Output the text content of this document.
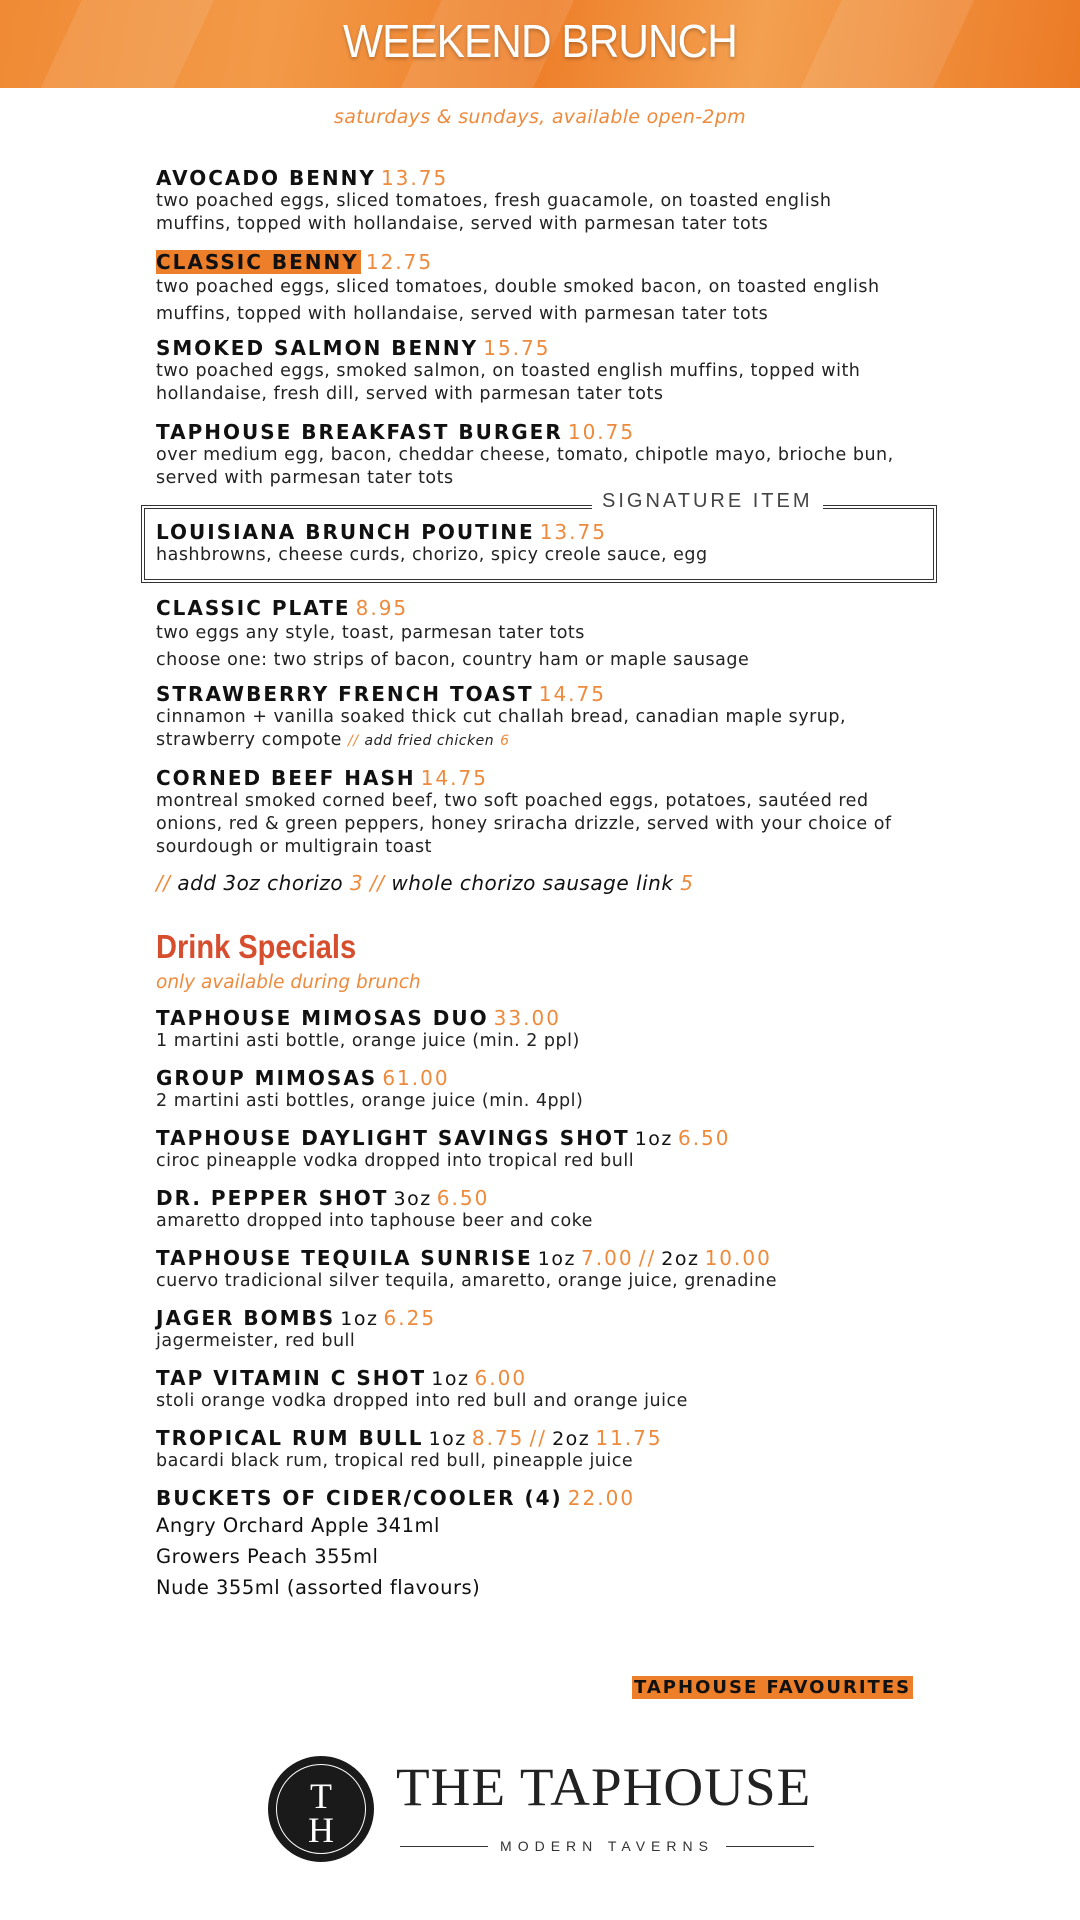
WEEKEND BRUNCH
saturdays & sundays, available open-2pm
AVOCADO BENNY 13.75
two poached eggs, sliced tomatoes, fresh guacamole, on toasted english
muffins, topped with hollandaise, served with parmesan tater tots
CLASSIC BENNY 12.75
two poached eggs, sliced tomatoes, double smoked bacon, on toasted english
muffins, topped with hollandaise, served with parmesan tater tots
SMOKED SALMON BENNY 15.75
two poached eggs, smoked salmon, on toasted english muffins, topped with
hollandaise, fresh dill, served with parmesan tater tots
TAPHOUSE BREAKFAST BURGER 10.75
over medium egg, bacon, cheddar cheese, tomato, chipotle mayo, brioche bun,
served with parmesan tater tots
SIGNATURE ITEM
LOUISIANA BRUNCH POUTINE 13.75
hashbrowns, cheese curds, chorizo, spicy creole sauce, egg
CLASSIC PLATE 8.95
two eggs any style, toast, parmesan tater tots
choose one: two strips of bacon, country ham or maple sausage
STRAWBERRY FRENCH TOAST 14.75
cinnamon + vanilla soaked thick cut challah bread, canadian maple syrup,
strawberry compote // add fried chicken 6
CORNED BEEF HASH 14.75
montreal smoked corned beef, two soft poached eggs, potatoes, sautéed red
onions, red & green peppers, honey sriracha drizzle, served with your choice of
sourdough or multigrain toast
// add 3oz chorizo 3 // whole chorizo sausage link 5
Drink Specials
only available during brunch
TAPHOUSE MIMOSAS DUO 33.00
1 martini asti bottle, orange juice (min. 2 ppl)
GROUP MIMOSAS 61.00
2 martini asti bottles, orange juice (min. 4ppl)
TAPHOUSE DAYLIGHT SAVINGS SHOT 1oz 6.50
ciroc pineapple vodka dropped into tropical red bull
DR. PEPPER SHOT 3oz 6.50
amaretto dropped into taphouse beer and coke
TAPHOUSE TEQUILA SUNRISE 1oz 7.00 // 2oz 10.00
cuervo tradicional silver tequila, amaretto, orange juice, grenadine
JAGER BOMBS 1oz 6.25
jagermeister, red bull
TAP VITAMIN C SHOT 1oz 6.00
stoli orange vodka dropped into red bull and orange juice
TROPICAL RUM BULL 1oz 8.75 // 2oz 11.75
bacardi black rum, tropical red bull, pineapple juice
BUCKETS OF CIDER/COOLER (4) 22.00
Angry Orchard Apple 341ml
Growers Peach 355ml
Nude 355ml (assorted flavours)
TAPHOUSE FAVOURITES
T
H
THE TAPHOUSE
MODERN TAVERNS
